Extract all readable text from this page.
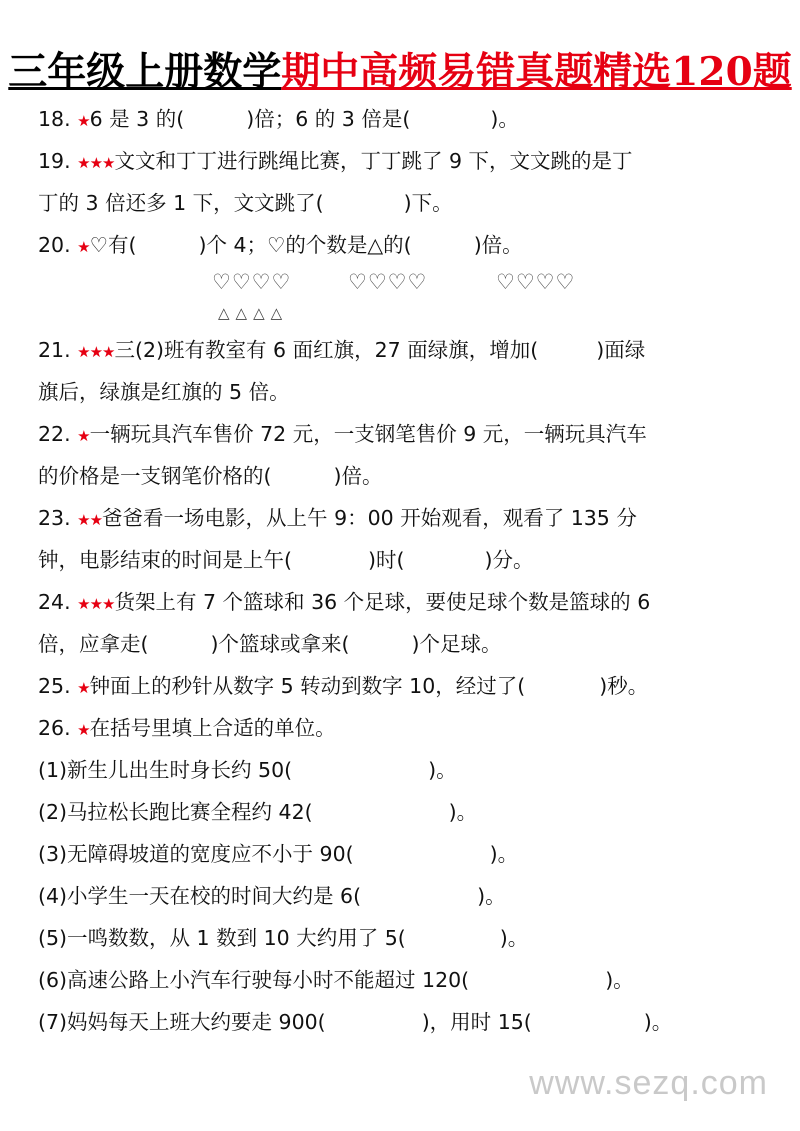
三年级上册数学期中高频易错真题精选120题
18. ★6 是 3 的(	)倍；6 的 3 倍是(	)。
19. ★★★文文和丁丁进行跳绳比赛，丁丁跳了 9 下，文文跳的是丁
丁的 3 倍还多 1 下，文文跳了(	)下。
20. ★♡有(	)个 4；♡的个数是△的(	)倍。
♡♡♡♡	♡♡♡♡	♡♡♡♡
△△△△
21. ★★★三(2)班有教室有 6 面红旗，27 面绿旗，增加(	)面绿
旗后，绿旗是红旗的 5 倍。
22. ★一辆玩具汽车售价 72 元，一支钢笔售价 9 元，一辆玩具汽车
的价格是一支钢笔价格的(	)倍。
23. ★★爸爸看一场电影，从上午 9：00 开始观看，观看了 135 分
钟，电影结束的时间是上午(	)时(	)分。
24. ★★★货架上有 7 个篮球和 36 个足球，要使足球个数是篮球的 6
倍，应拿走(	)个篮球或拿来(	)个足球。
25. ★钟面上的秒针从数字 5 转动到数字 10，经过了(	)秒。
26. ★在括号里填上合适的单位。
(1)新生儿出生时身长约 50(	)。
(2)马拉松长跑比赛全程约 42(	)。
(3)无障碍坡道的宽度应不小于 90(	)。
(4)小学生一天在校的时间大约是 6(	)。
(5)一鸣数数，从 1 数到 10 大约用了 5(	)。
(6)高速公路上小汽车行驶每小时不能超过 120(	)。
(7)妈妈每天上班大约要走 900(	)，用时 15(	)。
www.sezq.com
